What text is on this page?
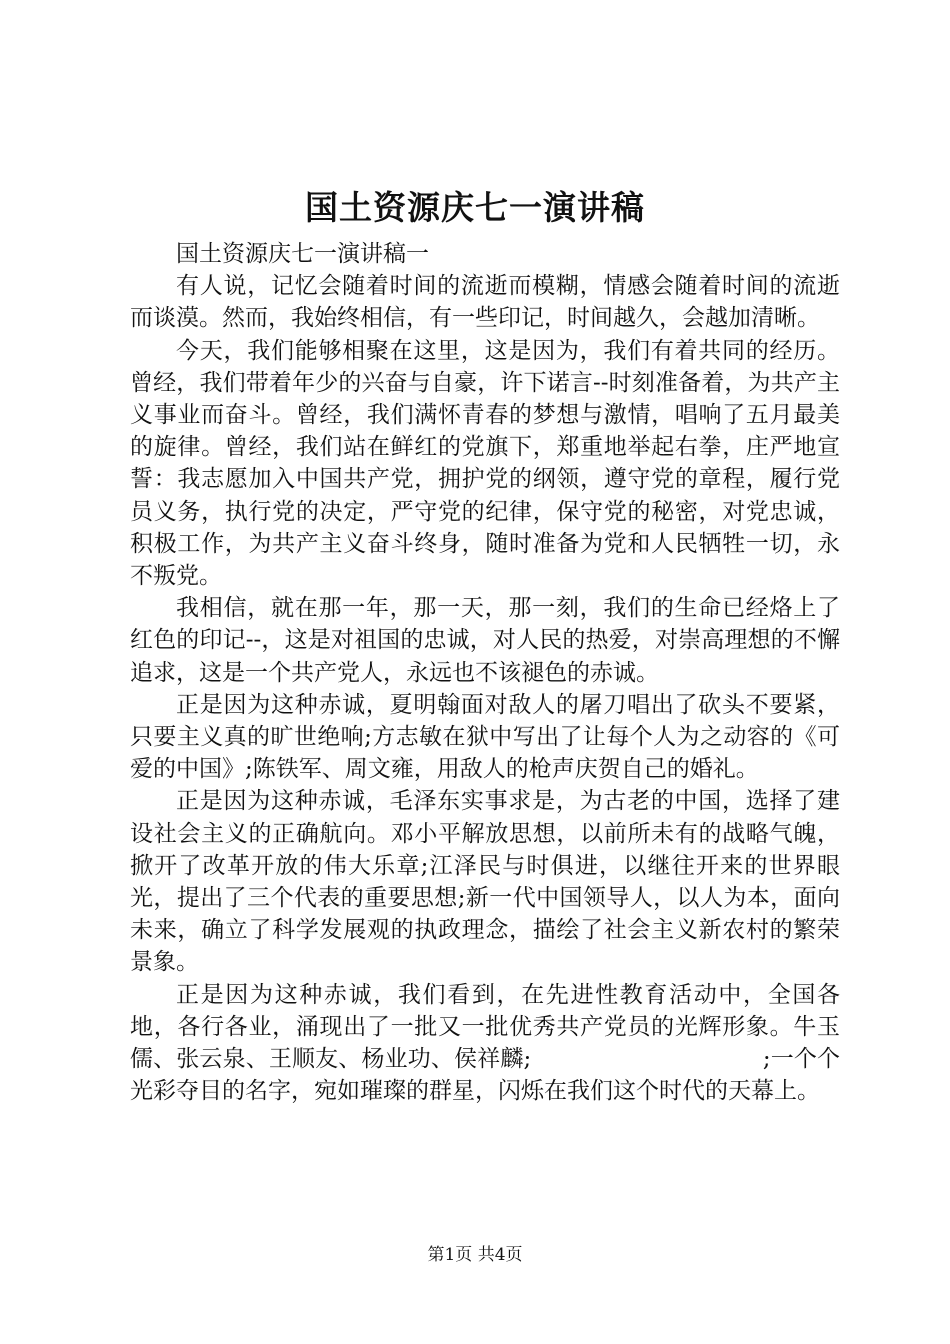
国土资源庆七一演讲稿

国土资源庆七一演讲稿一

有人说，记忆会随着时间的流逝而模糊，情感会随着时间的流逝而谈漠。然而，我始终相信，有一些印记，时间越久，会越加清晰。

今天，我们能够相聚在这里，这是因为，我们有着共同的经历。曾经，我们带着年少的兴奋与自豪，许下诺言--时刻准备着，为共产主义事业而奋斗。曾经，我们满怀青春的梦想与激情，唱响了五月最美的旋律。曾经，我们站在鲜红的党旗下，郑重地举起右拳，庄严地宣誓：我志愿加入中国共产党，拥护党的纲领，遵守党的章程，履行党员义务，执行党的决定，严守党的纪律，保守党的秘密，对党忠诚，积极工作，为共产主义奋斗终身，随时准备为党和人民牺牲一切，永不叛党。

我相信，就在那一年，那一天，那一刻，我们的生命已经烙上了红色的印记--，这是对祖国的忠诚，对人民的热爱，对崇高理想的不懈追求，这是一个共产党人，永远也不该褪色的赤诚。

正是因为这种赤诚，夏明翰面对敌人的屠刀唱出了砍头不要紧，只要主义真的旷世绝响;方志敏在狱中写出了让每个人为之动容的《可爱的中国》;陈铁军、周文雍，用敌人的枪声庆贺自己的婚礼。

正是因为这种赤诚，毛泽东实事求是，为古老的中国，选择了建设社会主义的正确航向。邓小平解放思想，以前所未有的战略气魄，掀开了改革开放的伟大乐章;江泽民与时俱进，以继往开来的世界眼光，提出了三个代表的重要思想;新一代中国领导人，以人为本，面向未来，确立了科学发展观的执政理念，描绘了社会主义新农村的繁荣景象。

正是因为这种赤诚，我们看到，在先进性教育活动中，全国各地，各行各业，涌现出了一批又一批优秀共产党员的光辉形象。牛玉儒、张云泉、王顺友、杨业功、侯祥麟;　　　　　　　　　　;一个个光彩夺目的名字，宛如璀璨的群星，闪烁在我们这个时代的天幕上。

第1页 共4页
